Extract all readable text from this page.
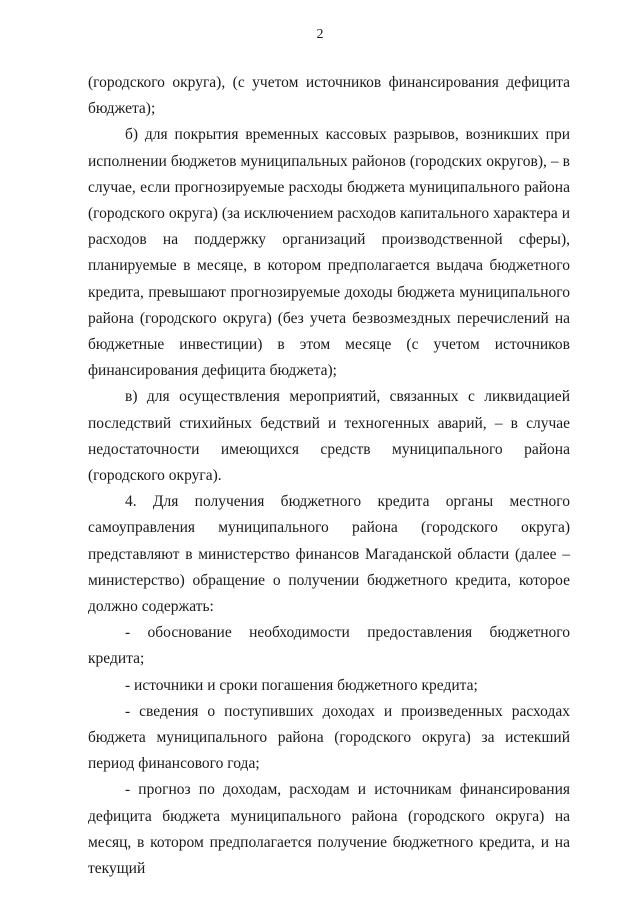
2

(городского округа), (с учетом источников финансирования дефицита бюджета);

б) для покрытия временных кассовых разрывов, возникших при исполнении бюджетов муниципальных районов (городских округов), – в случае, если прогнозируемые расходы бюджета муниципального района (городского округа) (за исключением расходов капитального характера и расходов на поддержку организаций производственной сферы), планируемые в месяце, в котором предполагается выдача бюджетного кредита, превышают прогнозируемые доходы бюджета муниципального района (городского округа) (без учета безвозмездных перечислений на бюджетные инвестиции) в этом месяце (с учетом источников финансирования дефицита бюджета);

в) для осуществления мероприятий, связанных с ликвидацией последствий стихийных бедствий и техногенных аварий, – в случае недостаточности имеющихся средств муниципального района (городского округа).

4. Для получения бюджетного кредита органы местного самоуправления муниципального района (городского округа) представляют в министерство финансов Магаданской области (далее – министерство) обращение о получении бюджетного кредита, которое должно содержать:

- обоснование необходимости предоставления бюджетного кредита;

- источники и сроки погашения бюджетного кредита;

- сведения о поступивших доходах и произведенных расходах бюджета муниципального района (городского округа) за истекший период финансового года;

- прогноз по доходам, расходам и источникам финансирования дефицита бюджета муниципального района (городского округа) на месяц, в котором предполагается получение бюджетного кредита, и на текущий
